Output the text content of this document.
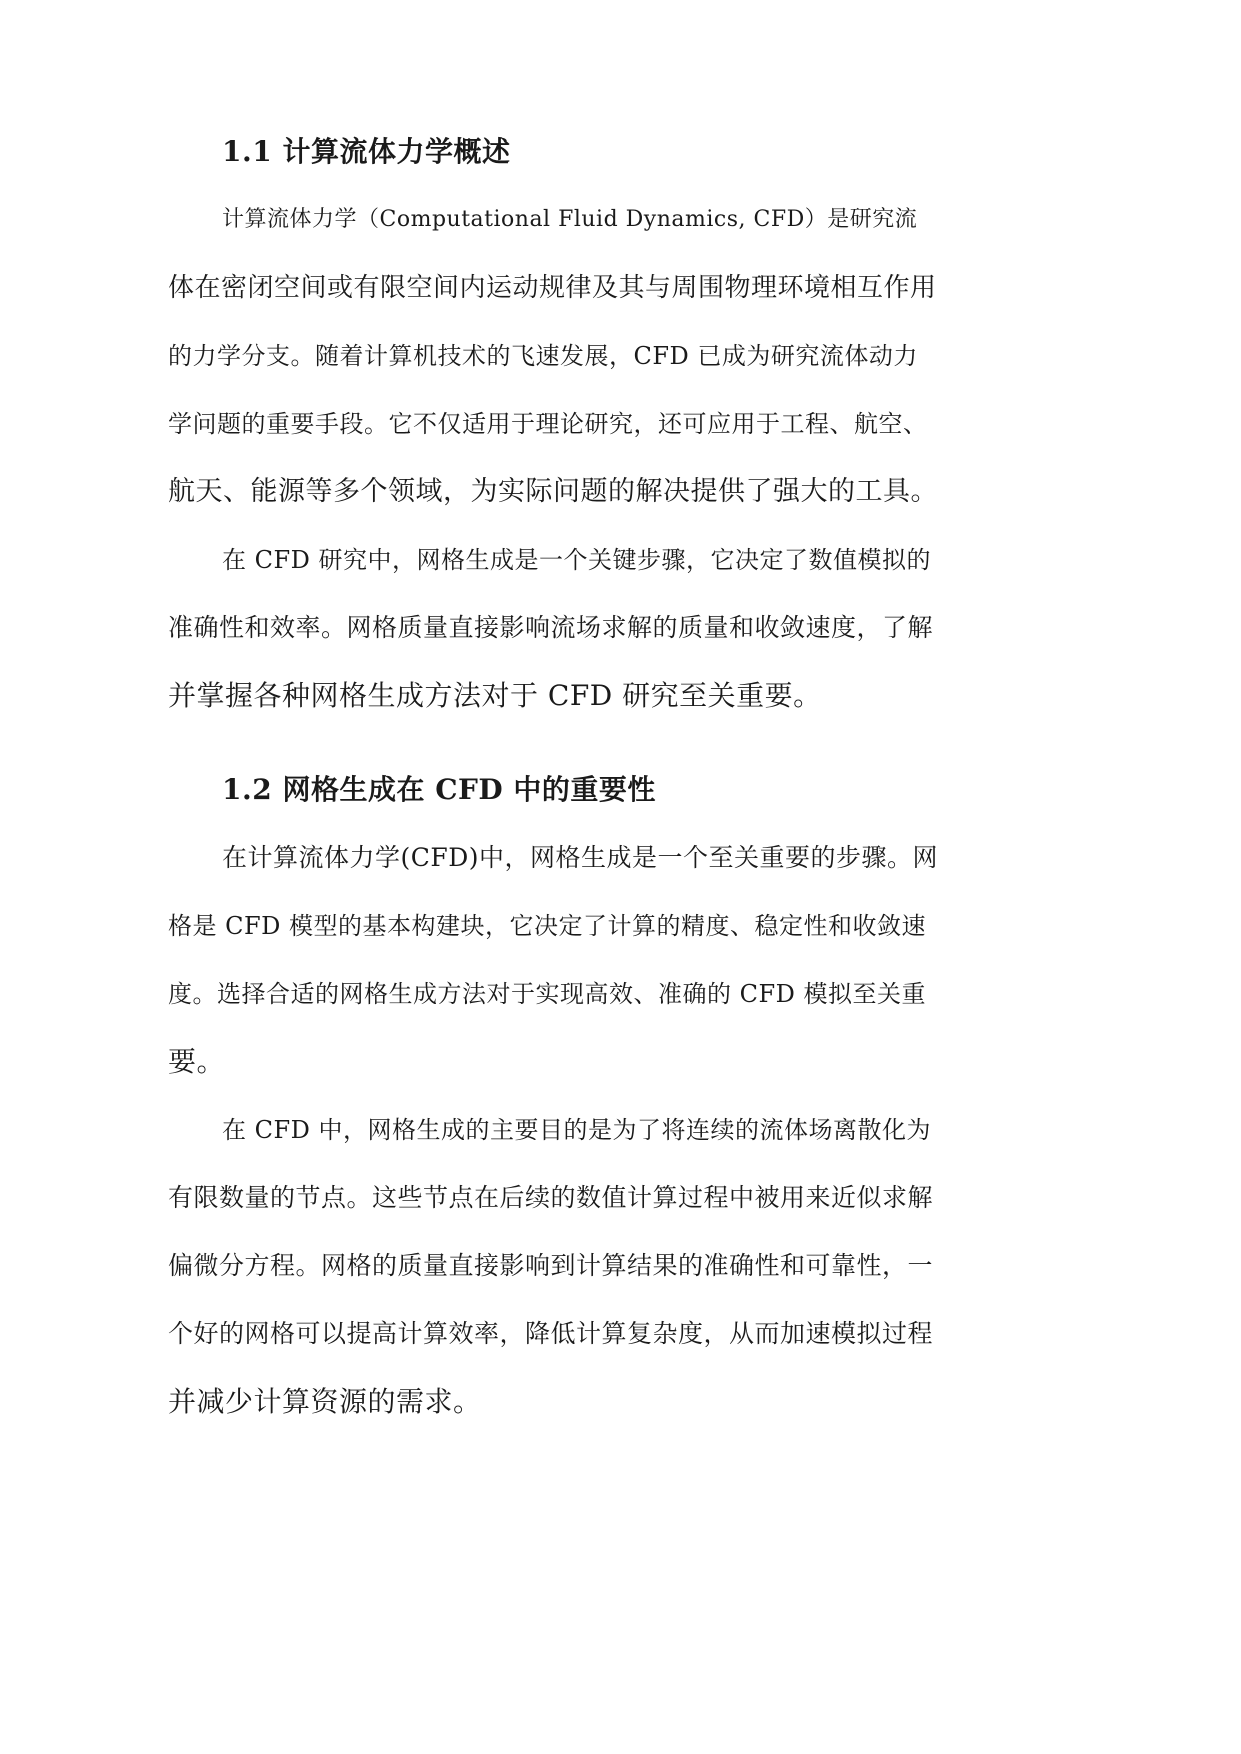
1.1 计算流体力学概述
计算流体力学（Computational Fluid Dynamics, CFD）是研究流
体在密闭空间或有限空间内运动规律及其与周围物理环境相互作用
的力学分支。随着计算机技术的飞速发展，CFD 已成为研究流体动力
学问题的重要手段。它不仅适用于理论研究，还可应用于工程、航空、
航天、能源等多个领域，为实际问题的解决提供了强大的工具。
在 CFD 研究中，网格生成是一个关键步骤，它决定了数值模拟的
准确性和效率。网格质量直接影响流场求解的质量和收敛速度，了解
并掌握各种网格生成方法对于 CFD 研究至关重要。
1.2 网格生成在 CFD 中的重要性
在计算流体力学(CFD)中，网格生成是一个至关重要的步骤。网
格是 CFD 模型的基本构建块，它决定了计算的精度、稳定性和收敛速
度。选择合适的网格生成方法对于实现高效、准确的 CFD 模拟至关重
要。
在 CFD 中，网格生成的主要目的是为了将连续的流体场离散化为
有限数量的节点。这些节点在后续的数值计算过程中被用来近似求解
偏微分方程。网格的质量直接影响到计算结果的准确性和可靠性，一
个好的网格可以提高计算效率，降低计算复杂度，从而加速模拟过程
并减少计算资源的需求。
